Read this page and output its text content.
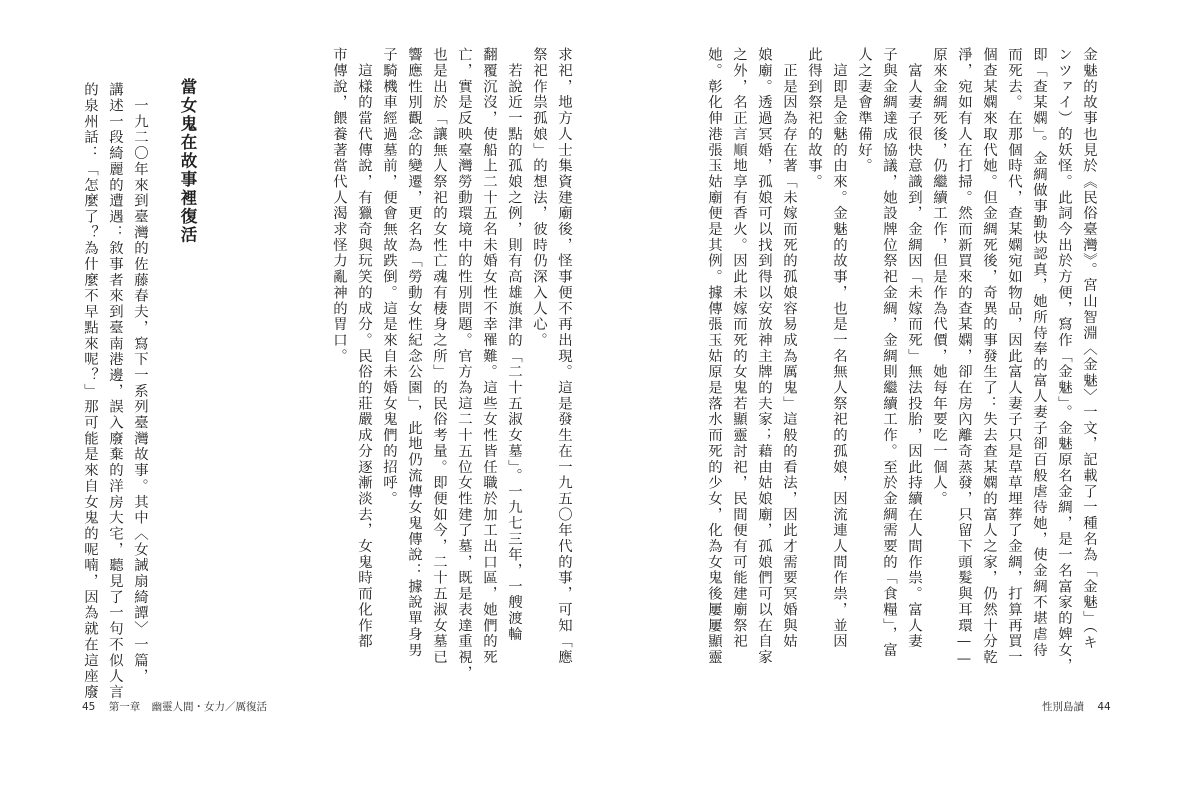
求祀，地方人士集資建廟後，怪事便不再出現。這是發生在一九五〇年代的事，可知「應

祭祀作祟孤娘」的想法，彼時仍深入人心。

　若說近一點的孤娘之例，則有高雄旗津的「二十五淑女墓」。一九七三年，一艘渡輪

翻覆沉沒，使船上二十五名未婚女性不幸罹難。這些女性皆任職於加工出口區，她們的死

亡，實是反映臺灣勞動環境中的性別問題。官方為這二十五位女性建了墓，既是表達重視，

也是出於「讓無人祭祀的女性亡魂有棲身之所」的民俗考量。即便如今，二十五淑女墓已

響應性別觀念的變遷，更名為「勞動女性紀念公園」，此地仍流傳女鬼傳說：據說單身男

子騎機車經過墓前，便會無故跌倒。這是來自未婚女鬼們的招呼。

　這樣的當代傳說，有獵奇與玩笑的成分。民俗的莊嚴成分逐漸淡去，女鬼時而化作都

市傳說，餵養著當代人渴求怪力亂神的胃口。

當女鬼在故事裡復活

　一九二〇年來到臺灣的佐藤春夫，寫下一系列臺灣故事。其中〈女誡扇綺譚〉一篇，

講述一段綺麗的遭遇：敘事者來到臺南港邊，誤入廢棄的洋房大宅，聽見了一句不似人言

的泉州話：「怎麼了？為什麼不早點來呢？」那可能是來自女鬼的呢喃，因為就在這座廢

45 第一章 幽靈人間・女力／厲復活

金魅的故事也見於《民俗臺灣》。宮山智淵〈金魅〉一文，記載了一種名為「金魅」（キ

ンツァイ）的妖怪。此詞今出於方便，寫作「金魅」。金魅原名金綢，是一名富家的婢女，

即「查某嫻」。金綢做事勤快認真，她所侍奉的富人妻子卻百般虐待她，使金綢不堪虐待

而死去。在那個時代，查某嫻宛如物品，因此富人妻子只是草草埋葬了金綢，打算再買一

個查某嫻來取代她。但金綢死後，奇異的事發生了：失去查某嫻的富人之家，仍然十分乾

淨，宛如有人在打掃。然而新買來的查某嫻，卻在房內離奇蒸發，只留下頭髮與耳環——

原來金綢死後，仍繼續工作，但是作為代價，她每年要吃一個人。

　富人妻子很快意識到，金綢因「未嫁而死」無法投胎，因此持續在人間作祟。富人妻

子與金綢達成協議，她設牌位祭祀金綢，金綢則繼續工作。至於金綢需要的「食糧」，富

人之妻會準備好。

　這即是金魅的由來。金魅的故事，也是一名無人祭祀的孤娘，因流連人間作祟，並因

此得到祭祀的故事。

　正是因為存在著「未嫁而死的孤娘容易成為厲鬼」這般的看法，因此才需要冥婚與姑

娘廟。透過冥婚，孤娘可以找到得以安放神主牌的夫家；藉由姑娘廟，孤娘們可以在自家

之外，名正言順地享有香火。因此未嫁而死的女鬼若顯靈討祀，民間便有可能建廟祭祀

她。彰化伸港張玉姑廟便是其例。據傳張玉姑原是落水而死的少女，化為女鬼後屢屢顯靈

性別島讀 44
